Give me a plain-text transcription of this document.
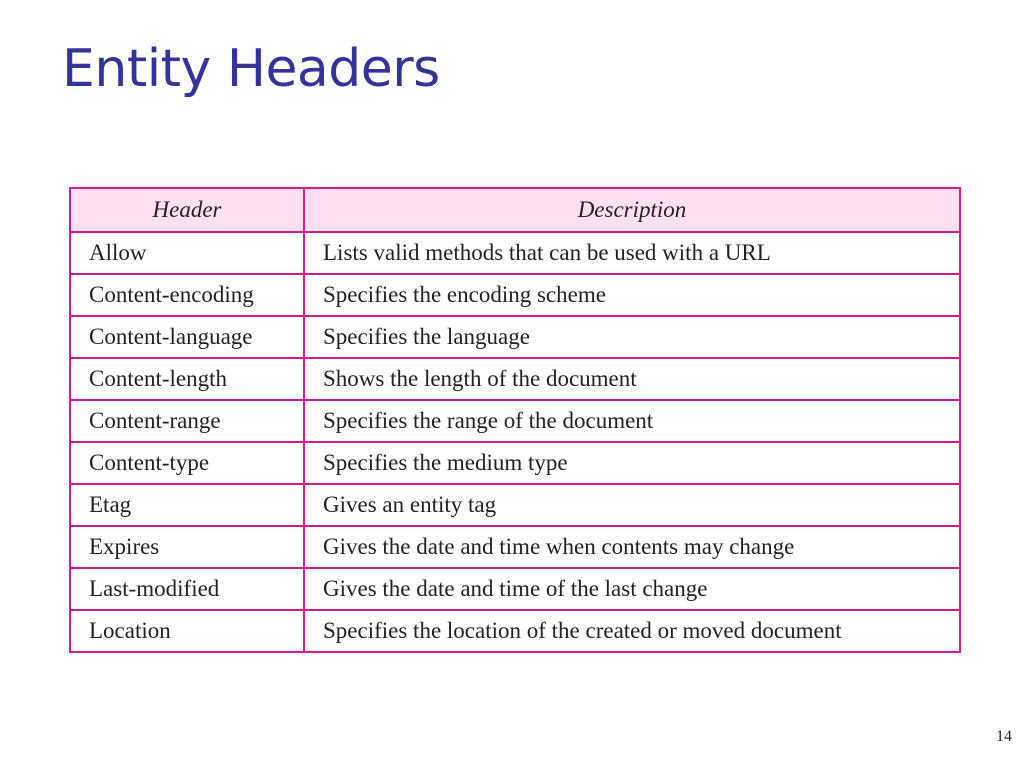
Entity Headers
Header	Description
Allow	Lists valid methods that can be used with a URL
Content-encoding	Specifies the encoding scheme
Content-language	Specifies the language
Content-length	Shows the length of the document
Content-range	Specifies the range of the document
Content-type	Specifies the medium type
Etag	Gives an entity tag
Expires	Gives the date and time when contents may change
Last-modified	Gives the date and time of the last change
Location	Specifies the location of the created or moved document
14
